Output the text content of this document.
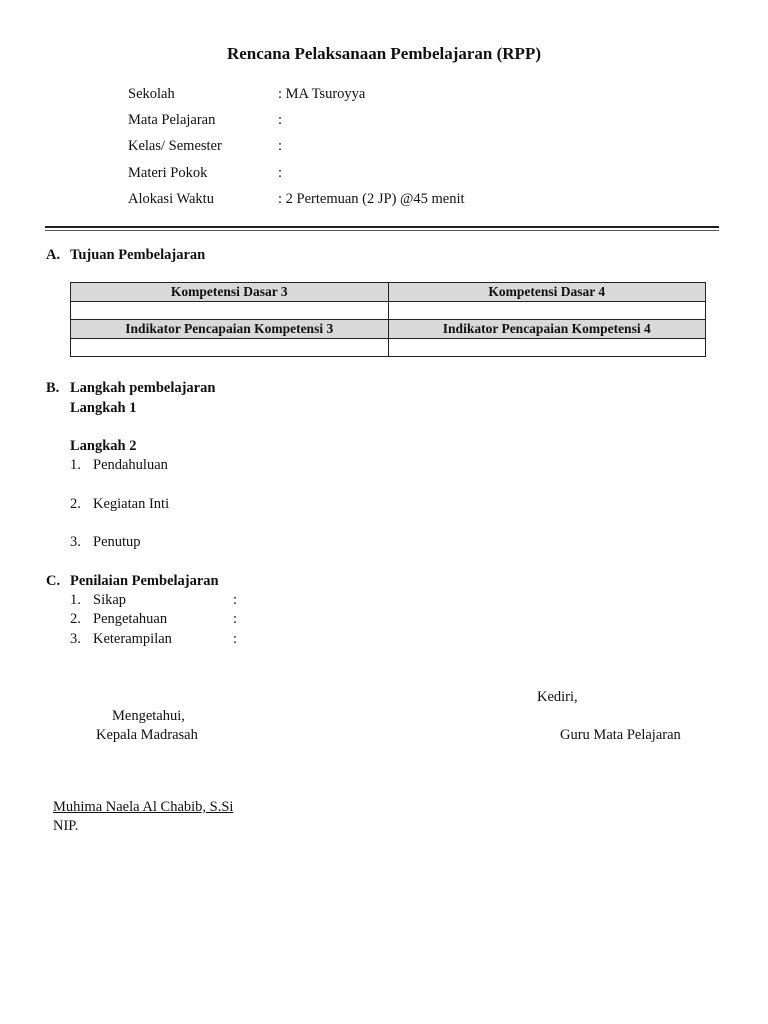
Rencana Pelaksanaan Pembelajaran (RPP)
Sekolah	: MA Tsuroyya
Mata Pelajaran	:
Kelas/ Semester	:
Materi Pokok	:
Alokasi Waktu	: 2 Pertemuan (2 JP) @45 menit
A. Tujuan Pembelajaran
Kompetensi Dasar 3	Kompetensi Dasar 4

Indikator Pencapaian Kompetensi 3	Indikator Pencapaian Kompetensi 4

B. Langkah pembelajaran
Langkah 1
Langkah 2
1. Pendahuluan
2. Kegiatan Inti
3. Penutup
C. Penilaian Pembelajaran
1. Sikap	:
2. Pengetahuan	:
3. Keterampilan	:
Kediri,
Mengetahui,
Kepala Madrasah	Guru Mata Pelajaran
Muhima Naela Al Chabib, S.Si
NIP.
